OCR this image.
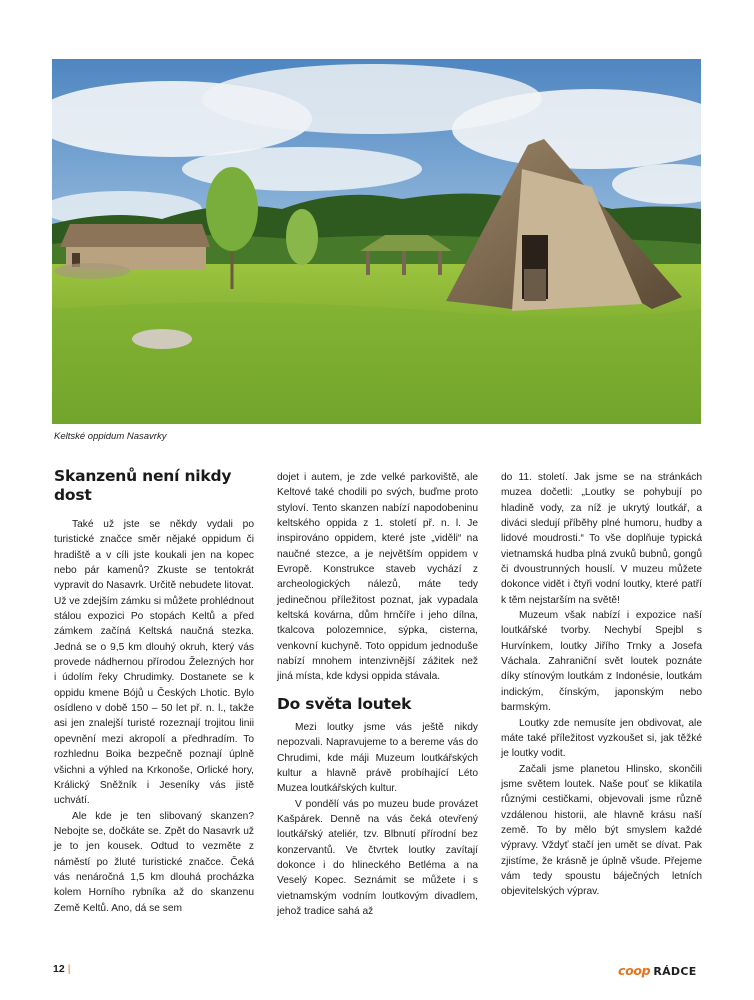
Keltské oppidum Nasavrky
Skanzenů není nikdy dost

Také už jste se někdy vydali po turistické značce směr nějaké oppidum či hradiště a v cíli jste koukali jen na kopec nebo pár kamenů? Zkuste se tentokrát vypravit do Nasavrk. Určitě nebudete litovat. Už ve zdejším zámku si můžete prohlédnout stálou expozici Po stopách Keltů a před zámkem začíná Keltská naučná stezka. Jedná se o 9,5 km dlouhý okruh, který vás provede nádhernou přírodou Železných hor i údolím řeky Chrudimky. Dostanete se k oppidu kmene Bójů u Českých Lhotic. Bylo osídleno v době 150 – 50 let př. n. l., takže asi jen znalejší turisté rozeznají trojitou linii opevnění mezi akropolí a předhradím. To rozhlednu Boika bezpečně poznají úplně všichni a výhled na Krkonoše, Orlické hory, Králický Sněžník i Jeseníky vás jistě uchvátí.

Ale kde je ten slibovaný skanzen? Nebojte se, dočkáte se. Zpět do Nasavrk už je to jen kousek. Odtud to vezměte z náměstí po žluté turistické značce. Čeká vás nenáročná 1,5 km dlouhá procházka kolem Horního rybníka až do skanzenu Země Keltů. Ano, dá se sem

dojet i autem, je zde velké parkoviště, ale Keltové také chodili po svých, buďme proto styloví. Tento skanzen nabízí napodobeninu keltského oppida z 1. století př. n. l. Je inspirováno oppidem, které jste „viděli“ na naučné stezce, a je největším oppidem v Evropě. Konstrukce staveb vychází z archeologických nálezů, máte tedy jedinečnou příležitost poznat, jak vypadala keltská kovárna, dům hrnčíře i jeho dílna, tkalcova polozemnice, sýpka, cisterna, venkovní kuchyně. Toto oppidum jednoduše nabízí mnohem intenzivnější zážitek než jiná místa, kde kdysi oppida stávala.

Do světa loutek

Mezi loutky jsme vás ještě nikdy nepozvali. Napravujeme to a bereme vás do Chrudimi, kde máji Muzeum loutkářských kultur a hlavně právě probíhající Léto Muzea loutkářských kultur.

V pondělí vás po muzeu bude provázet Kašpárek. Denně na vás čeká otevřený loutkářský ateliér, tzv. Blbnutí přírodní bez konzervantů. Ve čtvrtek loutky zavítají dokonce i do hlineckého Betléma a na Veselý Kopec. Seznámit se můžete i s vietnamským vodním loutkovým divadlem, jehož tradice sahá až

do 11. století. Jak jsme se na stránkách muzea dočetli: „Loutky se pohybují po hladině vody, za níž je ukrytý loutkář, a diváci sledují příběhy plné humoru, hudby a lidové moudrosti.“ To vše doplňuje typická vietnamská hudba plná zvuků bubnů, gongů či dvoustrunných houslí. V muzeu můžete dokonce vidět i čtyři vodní loutky, které patří k těm nejstarším na světě!

Muzeum však nabízí i expozice naší loutkářské tvorby. Nechybí Spejbl s Hurvínkem, loutky Jiřího Trnky a Josefa Váchala. Zahraniční svět loutek poznáte díky stínovým loutkám z Indonésie, loutkám indickým, čínským, japonským nebo barmským.

Loutky zde nemusíte jen obdivovat, ale máte také příležitost vyzkoušet si, jak těžké je loutky vodit.

Začali jsme planetou Hlinsko, skončili jsme světem loutek. Naše pouť se klikatila různými cestičkami, objevovali jsme různě vzdálenou historii, ale hlavně krásu naší země. To by mělo být smyslem každé výpravy. Vždyť stačí jen umět se dívat. Pak zjistíme, že krásně je úplně všude. Přejeme vám tedy spoustu báječných letních objevitelských výprav.

12 |	coop RÁDCE
